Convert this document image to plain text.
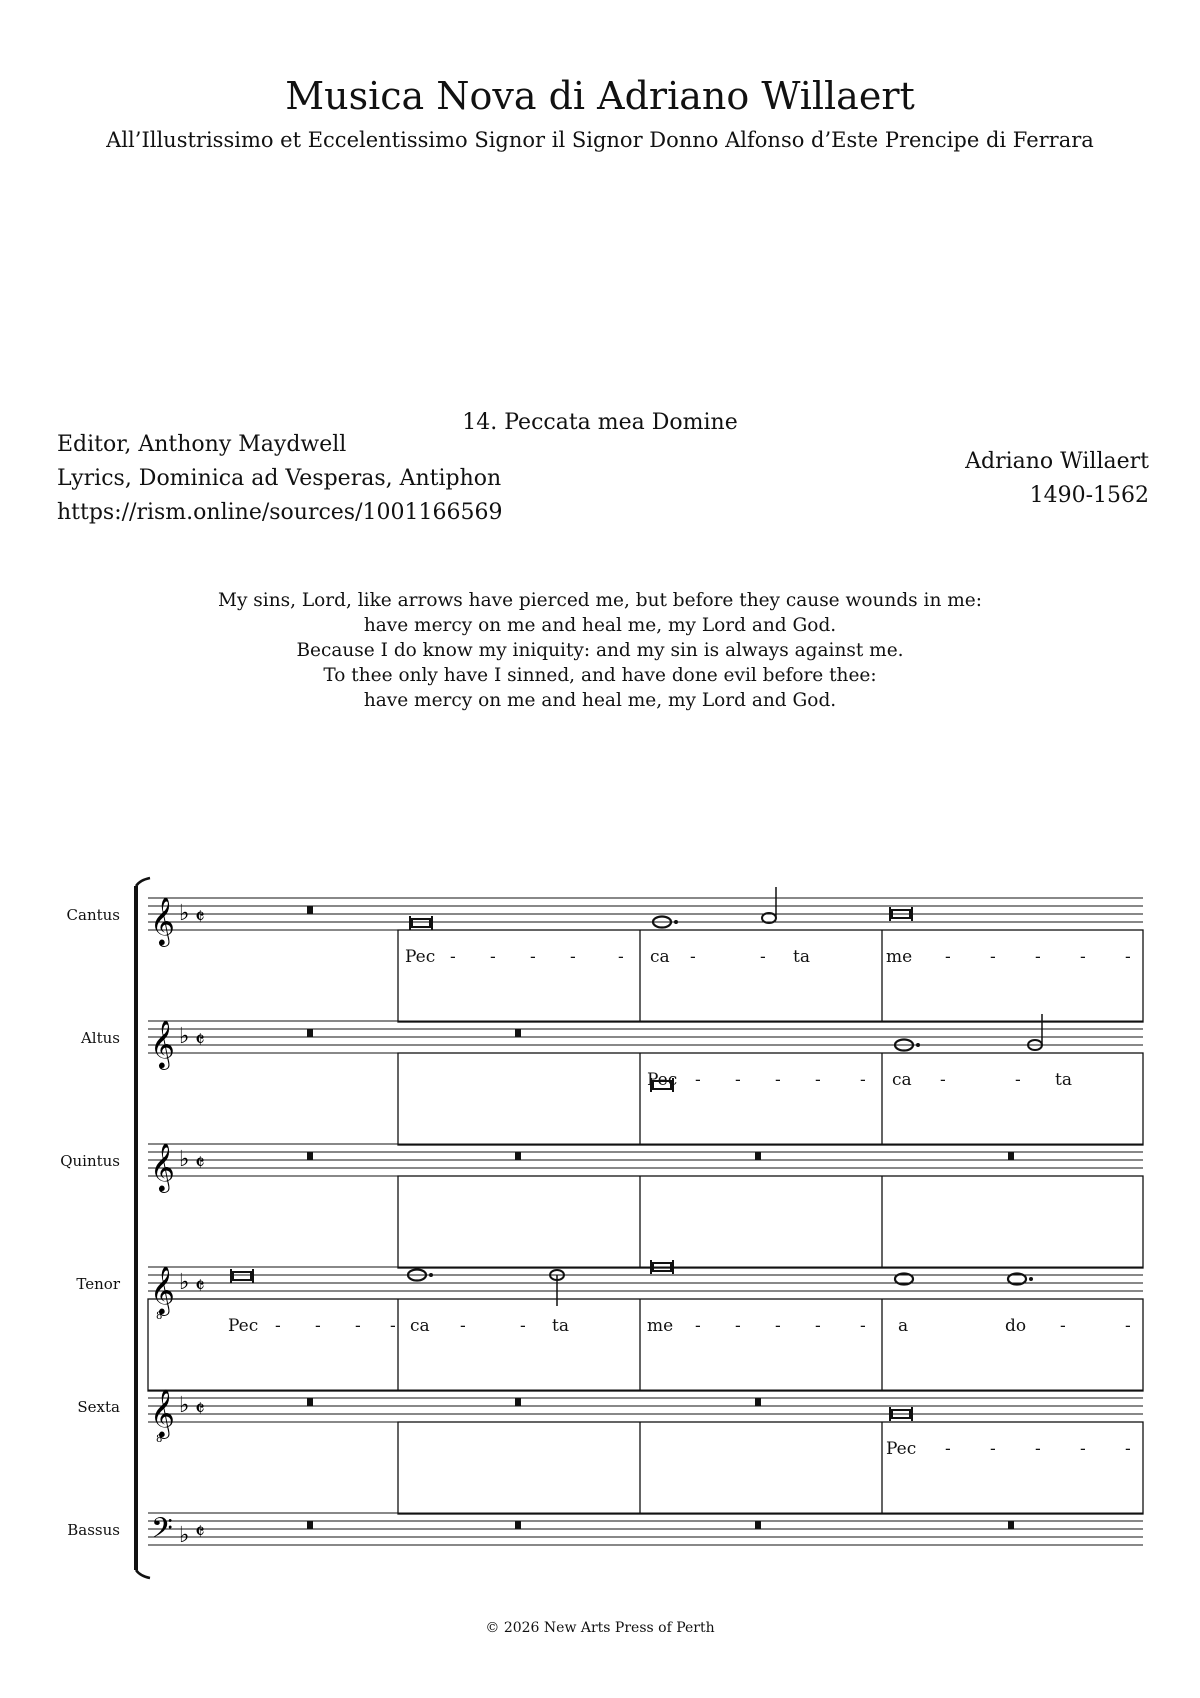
Musica Nova di Adriano Willaert
All’Illustrissimo et Eccelentissimo Signor il Signor Donno Alfonso d’Este Prencipe di Ferrara
14. Peccata mea Domine
Editor, Anthony Maydwell
Lyrics, Dominica ad Vesperas, Antiphon
https://rism.online/sources/1001166569
Adriano Willaert
1490-1562
My sins, Lord, like arrows have pierced me, but before they cause wounds in me:
have mercy on me and heal me, my Lord and God.
Because I do know my iniquity: and my sin is always against me.
To thee only have I sinned, and have done evil before thee:
have mercy on me and heal me, my Lord and God.
Cantus
Altus
Quintus
Tenor
Sexta
Bassus
𝄞 ♭ 𝄵
Pec - - - - - ca -	- ta	me - - - - -
𝄞 ♭ 𝄵
Pec - - - - - ca -	- ta
𝄞 ♭ 𝄵
𝄞
8
♭ 𝄵
Pec - - - - ca -	- ta	me - - - - - a	do -	-
𝄞
8
♭ 𝄵
Pec - - - - -
𝄢 ♭ 𝄵
© 2026 New Arts Press of Perth
